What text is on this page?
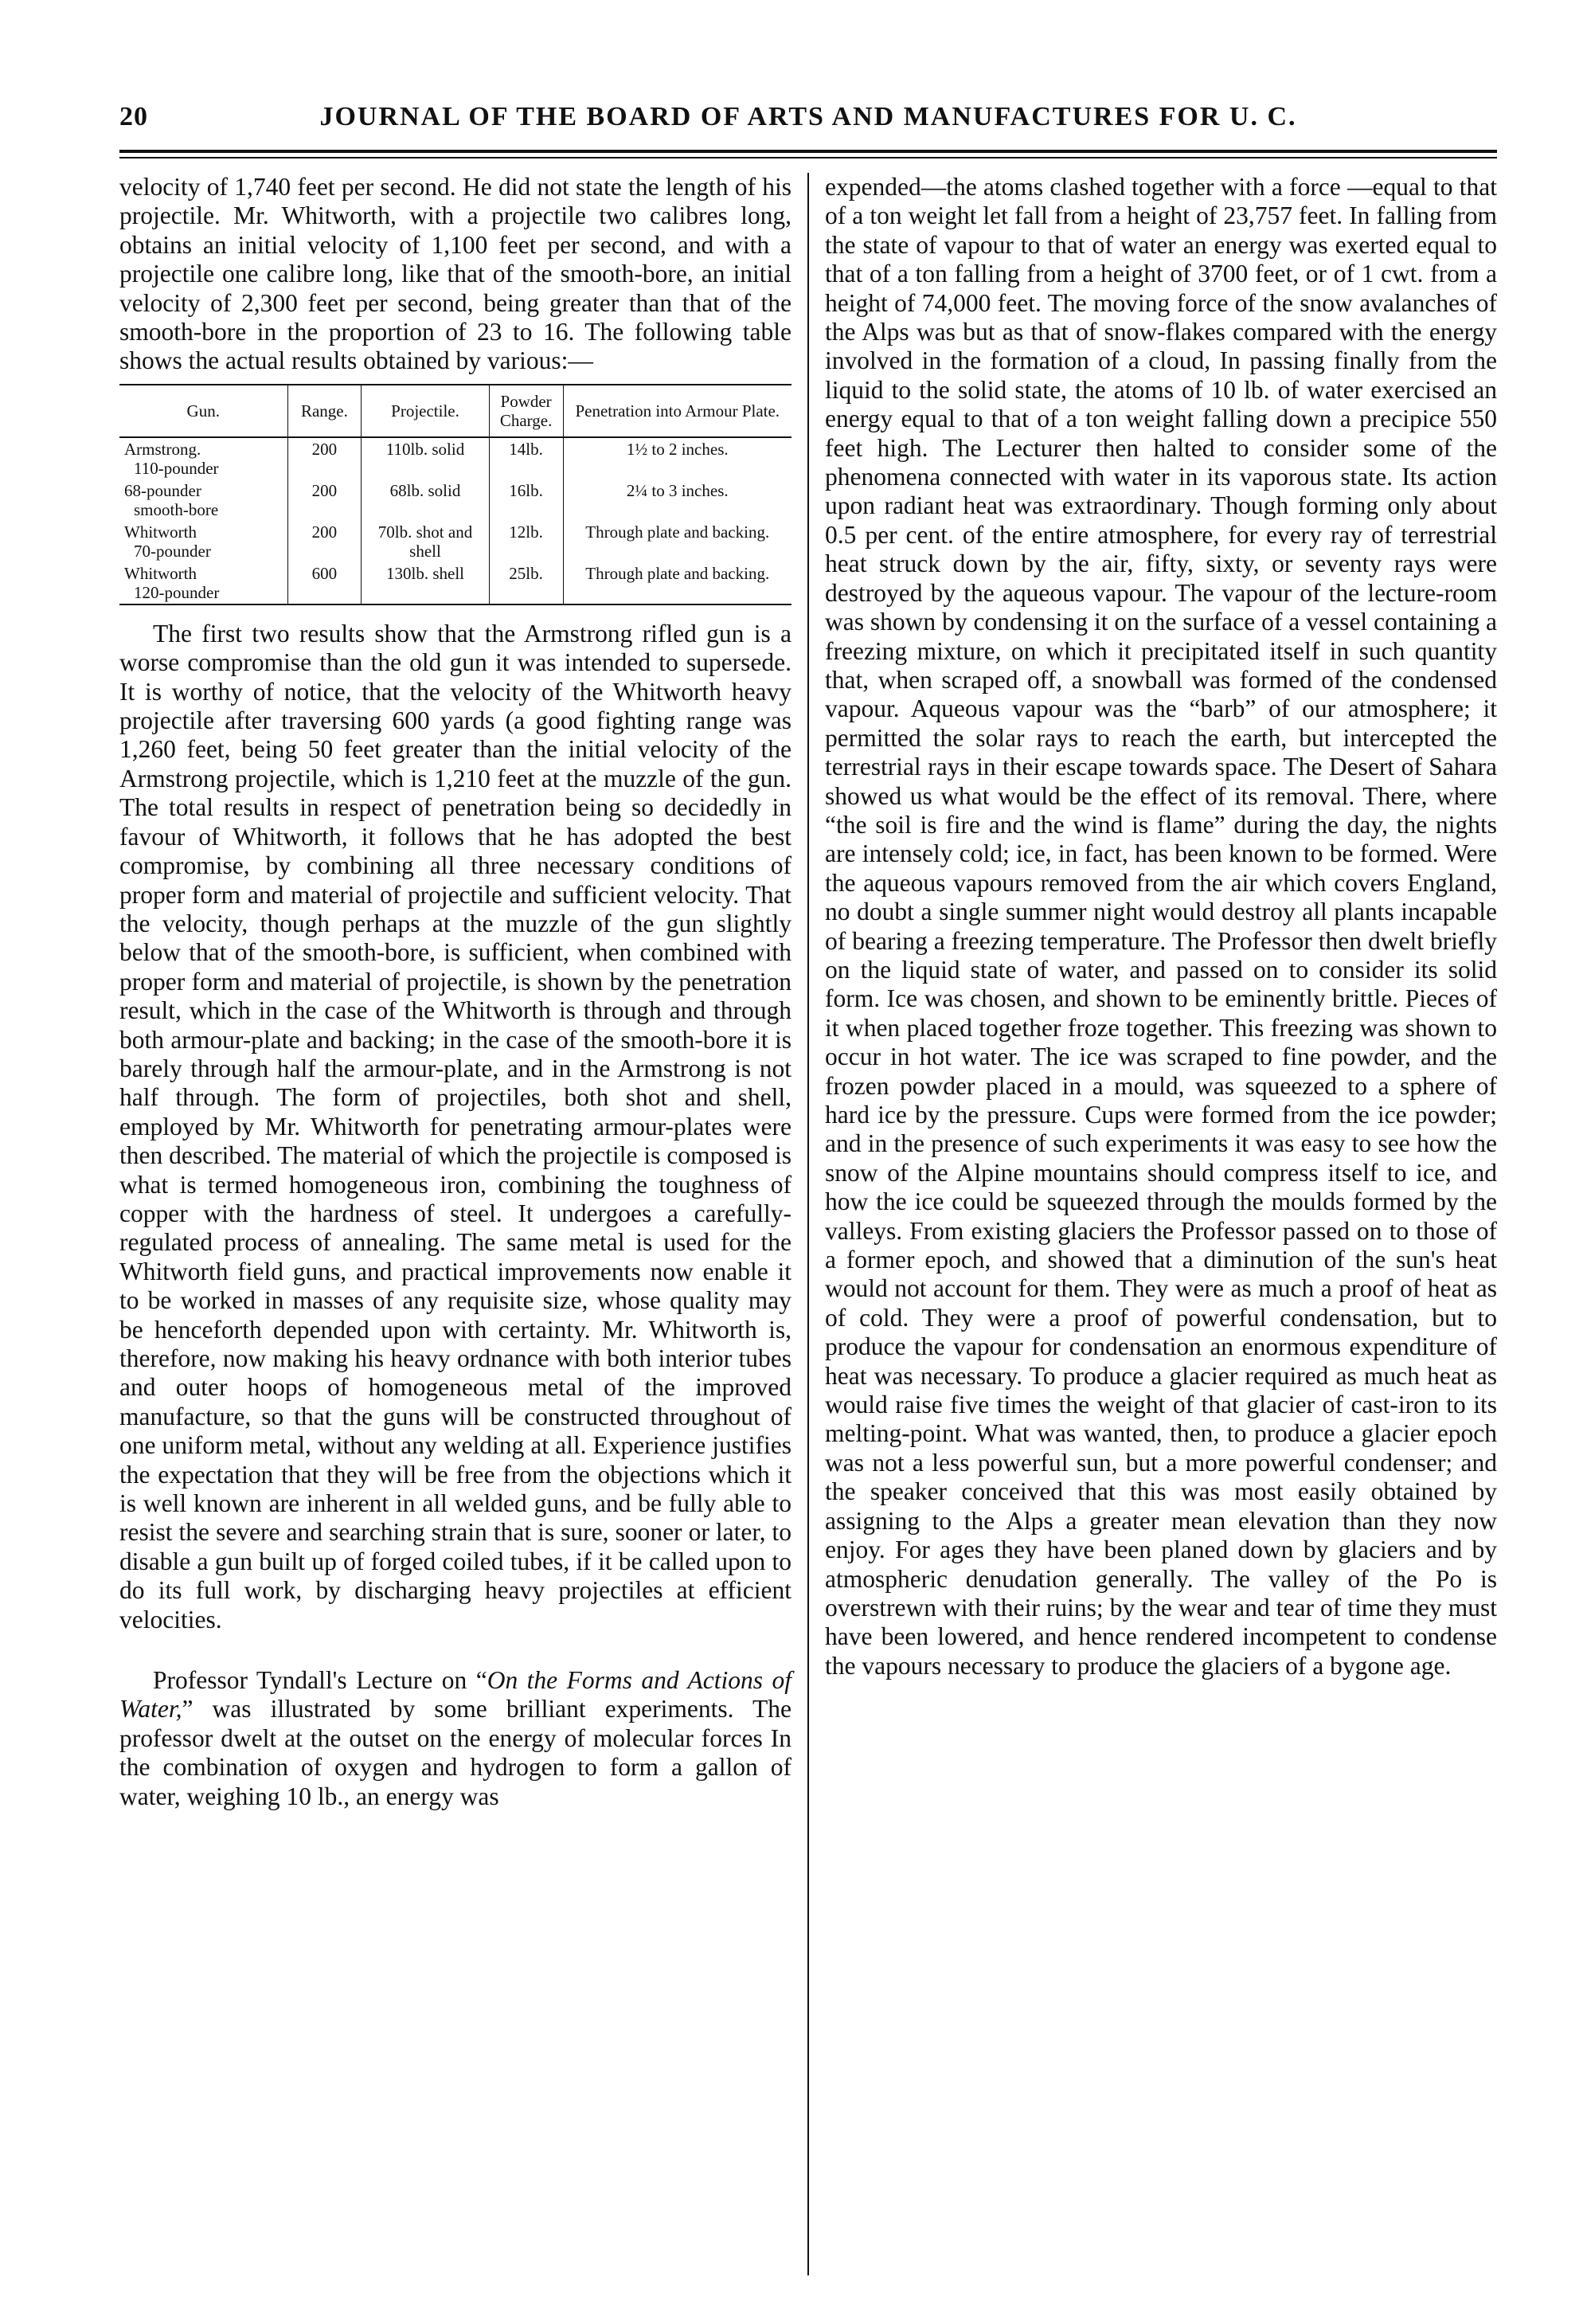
20	JOURNAL OF THE BOARD OF ARTS AND MANUFACTURES FOR U. C.

velocity of 1,740 feet per second. He did not state the length of his projectile. Mr. Whitworth, with a projectile two calibres long, obtains an initial velocity of 1,100 feet per second, and with a projectile one calibre long, like that of the smooth-bore, an initial velocity of 2,300 feet per second, being greater than that of the smooth-bore in the proportion of 23 to 16. The following table shows the actual results obtained by various:—

Gun.	Range.	Projectile.	Powder Charge.	Penetration into Armour Plate.

Armstrong.
110-pounder	200	110lb. solid	14lb.	1½ to 2 inches.

68-pounder
smooth-bore	200	68lb. solid	16lb.	2¼ to 3 inches.

Whitworth
70-pounder	200	70lb. shot and shell	12lb.	Through plate and backing.

Whitworth
120-pounder	600	130lb. shell	25lb.	Through plate and backing.

The first two results show that the Armstrong rifled gun is a worse compromise than the old gun it was intended to supersede. It is worthy of notice, that the velocity of the Whitworth heavy projectile after traversing 600 yards (a good fighting range was 1,260 feet, being 50 feet greater than the initial velocity of the Armstrong projectile, which is 1,210 feet at the muzzle of the gun. The total results in respect of penetration being so decidedly in favour of Whitworth, it follows that he has adopted the best compromise, by combining all three necessary conditions of proper form and material of projectile and sufficient velocity. That the velocity, though perhaps at the muzzle of the gun slightly below that of the smooth-bore, is sufficient, when combined with proper form and material of projectile, is shown by the penetration result, which in the case of the Whitworth is through and through both armour-plate and backing; in the case of the smooth-bore it is barely through half the armour-plate, and in the Armstrong is not half through. The form of projectiles, both shot and shell, employed by Mr. Whitworth for penetrating armour-plates were then described. The material of which the projectile is composed is what is termed homogeneous iron, combining the toughness of copper with the hardness of steel. It undergoes a carefully-regulated process of annealing. The same metal is used for the Whitworth field guns, and practical improvements now enable it to be worked in masses of any requisite size, whose quality may be henceforth depended upon with certainty. Mr. Whitworth is, therefore, now making his heavy ordnance with both interior tubes and outer hoops of homogeneous metal of the improved manufacture, so that the guns will be constructed throughout of one uniform metal, without any welding at all. Experience justifies the expectation that they will be free from the objections which it is well known are inherent in all welded guns, and be fully able to resist the severe and searching strain that is sure, sooner or later, to disable a gun built up of forged coiled tubes, if it be called upon to do its full work, by discharging heavy projectiles at efficient velocities.

Professor Tyndall's Lecture on “On the Forms and Actions of Water,” was illustrated by some brilliant experiments. The professor dwelt at the outset on the energy of molecular forces In the combination of oxygen and hydrogen to form a gallon of water, weighing 10 lb., an energy was

expended—the atoms clashed together with a force —equal to that of a ton weight let fall from a height of 23,757 feet. In falling from the state of vapour to that of water an energy was exerted equal to that of a ton falling from a height of 3700 feet, or of 1 cwt. from a height of 74,000 feet. The moving force of the snow avalanches of the Alps was but as that of snow-flakes compared with the energy involved in the formation of a cloud, In passing finally from the liquid to the solid state, the atoms of 10 lb. of water exercised an energy equal to that of a ton weight falling down a precipice 550 feet high. The Lecturer then halted to consider some of the phenomena connected with water in its vaporous state. Its action upon radiant heat was extraordinary. Though forming only about 0.5 per cent. of the entire atmosphere, for every ray of terrestrial heat struck down by the air, fifty, sixty, or seventy rays were destroyed by the aqueous vapour. The vapour of the lecture-room was shown by condensing it on the surface of a vessel containing a freezing mixture, on which it precipitated itself in such quantity that, when scraped off, a snowball was formed of the condensed vapour. Aqueous vapour was the “barb” of our atmosphere; it permitted the solar rays to reach the earth, but intercepted the terrestrial rays in their escape towards space. The Desert of Sahara showed us what would be the effect of its removal. There, where “the soil is fire and the wind is flame” during the day, the nights are intensely cold; ice, in fact, has been known to be formed. Were the aqueous vapours removed from the air which covers England, no doubt a single summer night would destroy all plants incapable of bearing a freezing temperature. The Professor then dwelt briefly on the liquid state of water, and passed on to consider its solid form. Ice was chosen, and shown to be eminently brittle. Pieces of it when placed together froze together. This freezing was shown to occur in hot water. The ice was scraped to fine powder, and the frozen powder placed in a mould, was squeezed to a sphere of hard ice by the pressure. Cups were formed from the ice powder; and in the presence of such experiments it was easy to see how the snow of the Alpine mountains should compress itself to ice, and how the ice could be squeezed through the moulds formed by the valleys. From existing glaciers the Professor passed on to those of a former epoch, and showed that a diminution of the sun's heat would not account for them. They were as much a proof of heat as of cold. They were a proof of powerful condensation, but to produce the vapour for condensation an enormous expenditure of heat was necessary. To produce a glacier required as much heat as would raise five times the weight of that glacier of cast-iron to its melting-point. What was wanted, then, to produce a glacier epoch was not a less powerful sun, but a more powerful condenser; and the speaker conceived that this was most easily obtained by assigning to the Alps a greater mean elevation than they now enjoy. For ages they have been planed down by glaciers and by atmospheric denudation generally. The valley of the Po is overstrewn with their ruins; by the wear and tear of time they must have been lowered, and hence rendered incompetent to condense the vapours necessary to produce the glaciers of a bygone age.
